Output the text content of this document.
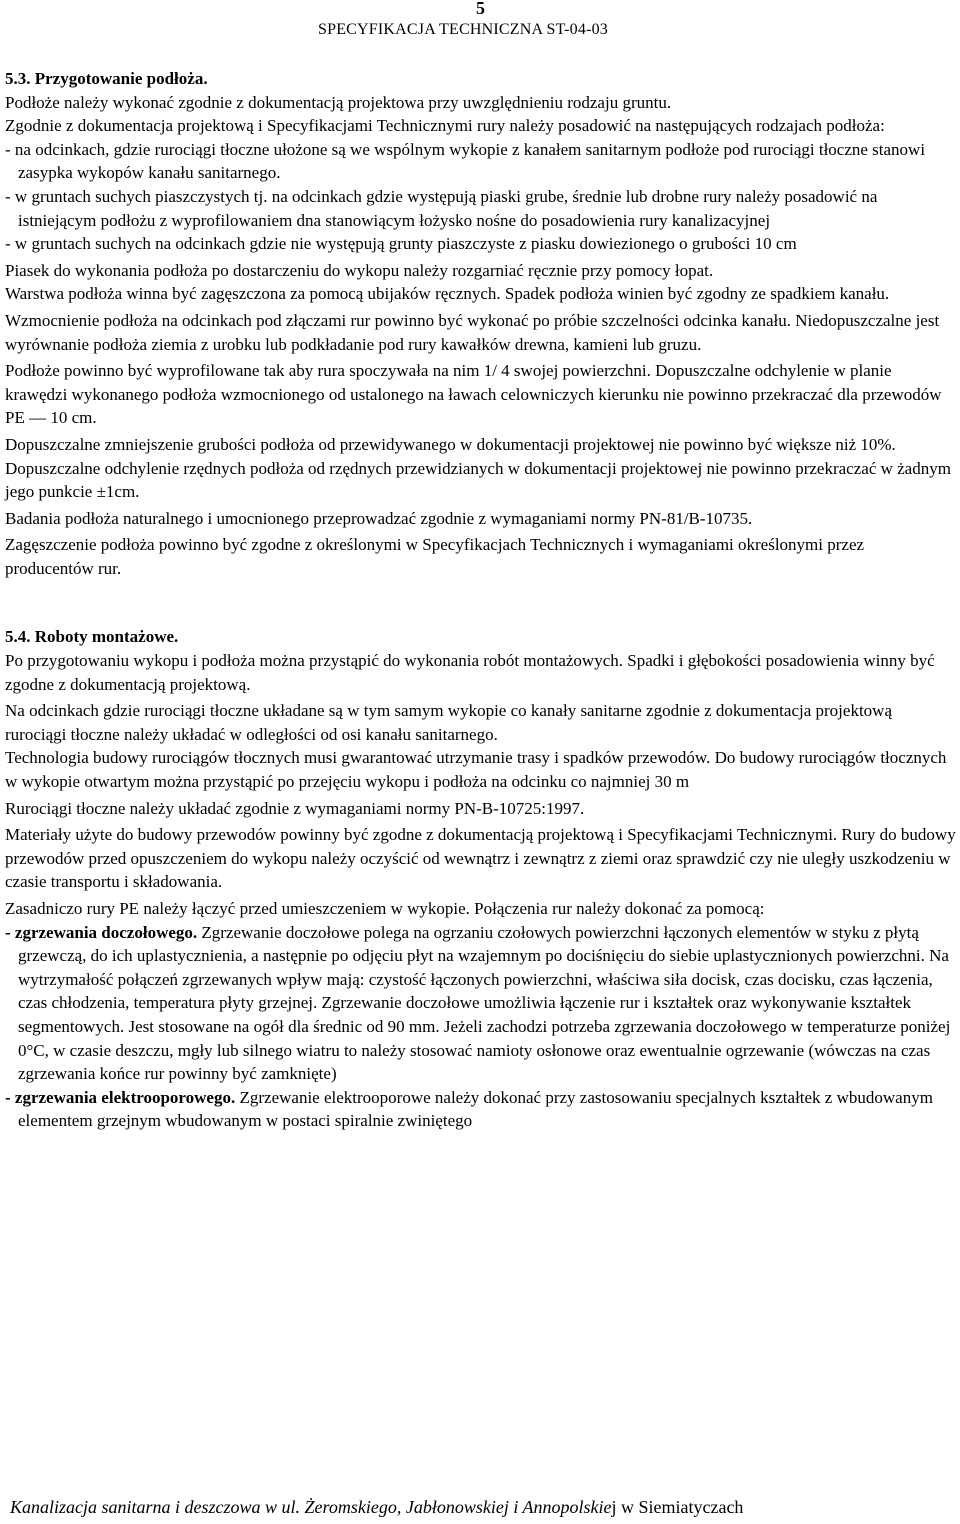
5
SPECYFIKACJA TECHNICZNA ST-04-03

5.3. Przygotowanie podłoża.

Podłoże należy wykonać zgodnie z dokumentacją projektowa przy uwzględnieniu rodzaju gruntu.

Zgodnie z dokumentacja projektową i Specyfikacjami Technicznymi rury należy posadowić na następujących rodzajach podłoża:

- na odcinkach, gdzie rurociągi tłoczne ułożone są we wspólnym wykopie z kanałem sanitarnym podłoże pod rurociągi tłoczne stanowi zasypka wykopów kanału sanitarnego.

- w gruntach suchych piaszczystych tj. na odcinkach gdzie występują piaski grube, średnie lub drobne rury należy posadowić na istniejącym podłożu z wyprofilowaniem dna stanowiącym łożysko nośne do posadowienia rury kanalizacyjnej

- w gruntach suchych na odcinkach gdzie nie występują grunty piaszczyste z piasku dowiezionego o grubości 10 cm

Piasek do wykonania podłoża po dostarczeniu do wykopu należy rozgarniać ręcznie przy pomocy łopat.

Warstwa podłoża winna być zagęszczona za pomocą ubijaków ręcznych. Spadek podłoża winien być zgodny ze spadkiem kanału.

Wzmocnienie podłoża na odcinkach pod złączami rur powinno być wykonać po próbie szczelności odcinka kanału. Niedopuszczalne jest wyrównanie podłoża ziemia z urobku lub podkładanie pod rury kawałków drewna, kamieni lub gruzu.

Podłoże powinno być wyprofilowane tak aby rura spoczywała na nim 1/ 4 swojej powierzchni. Dopuszczalne odchylenie w planie krawędzi wykonanego podłoża wzmocnionego od ustalonego na ławach celowniczych kierunku nie powinno przekraczać dla przewodów PE — 10 cm.

Dopuszczalne zmniejszenie grubości podłoża od przewidywanego w dokumentacji projektowej nie powinno być większe niż 10%. Dopuszczalne odchylenie rzędnych podłoża od rzędnych przewidzianych w dokumentacji projektowej nie powinno przekraczać w żadnym jego punkcie ±1cm.

Badania podłoża naturalnego i umocnionego przeprowadzać zgodnie z wymaganiami normy PN-81/B-10735.

Zagęszczenie podłoża powinno być zgodne z określonymi w Specyfikacjach Technicznych i wymaganiami określonymi przez producentów rur.

5.4. Roboty montażowe.

Po przygotowaniu wykopu i podłoża można przystąpić do wykonania robót montażowych. Spadki i głębokości posadowienia winny być zgodne z dokumentacją projektową.

Na odcinkach gdzie rurociągi tłoczne układane są w tym samym wykopie co kanały sanitarne zgodnie z dokumentacja projektową rurociągi tłoczne należy układać w odległości od osi kanału sanitarnego.

Technologia budowy rurociągów tłocznych musi gwarantować utrzymanie trasy i spadków przewodów. Do budowy rurociągów tłocznych w wykopie otwartym można przystąpić po przejęciu wykopu i podłoża na odcinku co najmniej 30 m

Rurociągi tłoczne należy układać zgodnie z wymaganiami normy PN-B-10725:1997.

Materiały użyte do budowy przewodów powinny być zgodne z dokumentacją projektową i Specyfikacjami Technicznymi. Rury do budowy przewodów przed opuszczeniem do wykopu należy oczyścić od wewnątrz i zewnątrz z ziemi oraz sprawdzić czy nie uległy uszkodzeniu w czasie transportu i składowania.

Zasadniczo rury PE należy łączyć przed umieszczeniem w wykopie. Połączenia rur należy dokonać za pomocą:

- zgrzewania doczołowego. Zgrzewanie doczołowe polega na ogrzaniu czołowych powierzchni łączonych elementów w styku z płytą grzewczą, do ich uplastycznienia, a następnie po odjęciu płyt na wzajemnym po dociśnięciu do siebie uplastycznionych powierzchni. Na wytrzymałość połączeń zgrzewanych wpływ mają: czystość łączonych powierzchni, właściwa siła docisk, czas docisku, czas łączenia, czas chłodzenia, temperatura płyty grzejnej. Zgrzewanie doczołowe umożliwia łączenie rur i kształtek oraz wykonywanie kształtek segmentowych. Jest stosowane na ogół dla średnic od 90 mm. Jeżeli zachodzi potrzeba zgrzewania doczołowego w temperaturze poniżej 0°C, w czasie deszczu, mgły lub silnego wiatru to należy stosować namioty osłonowe oraz ewentualnie ogrzewanie (wówczas na czas zgrzewania końce rur powinny być zamknięte)

- zgrzewania elektrooporowego. Zgrzewanie elektrooporowe należy dokonać przy zastosowaniu specjalnych kształtek z wbudowanym elementem grzejnym wbudowanym w postaci spiralnie zwiniętego

Kanalizacja sanitarna i deszczowa w ul. Żeromskiego, Jabłonowskiej i Annopolskiej w Siemiatyczach
